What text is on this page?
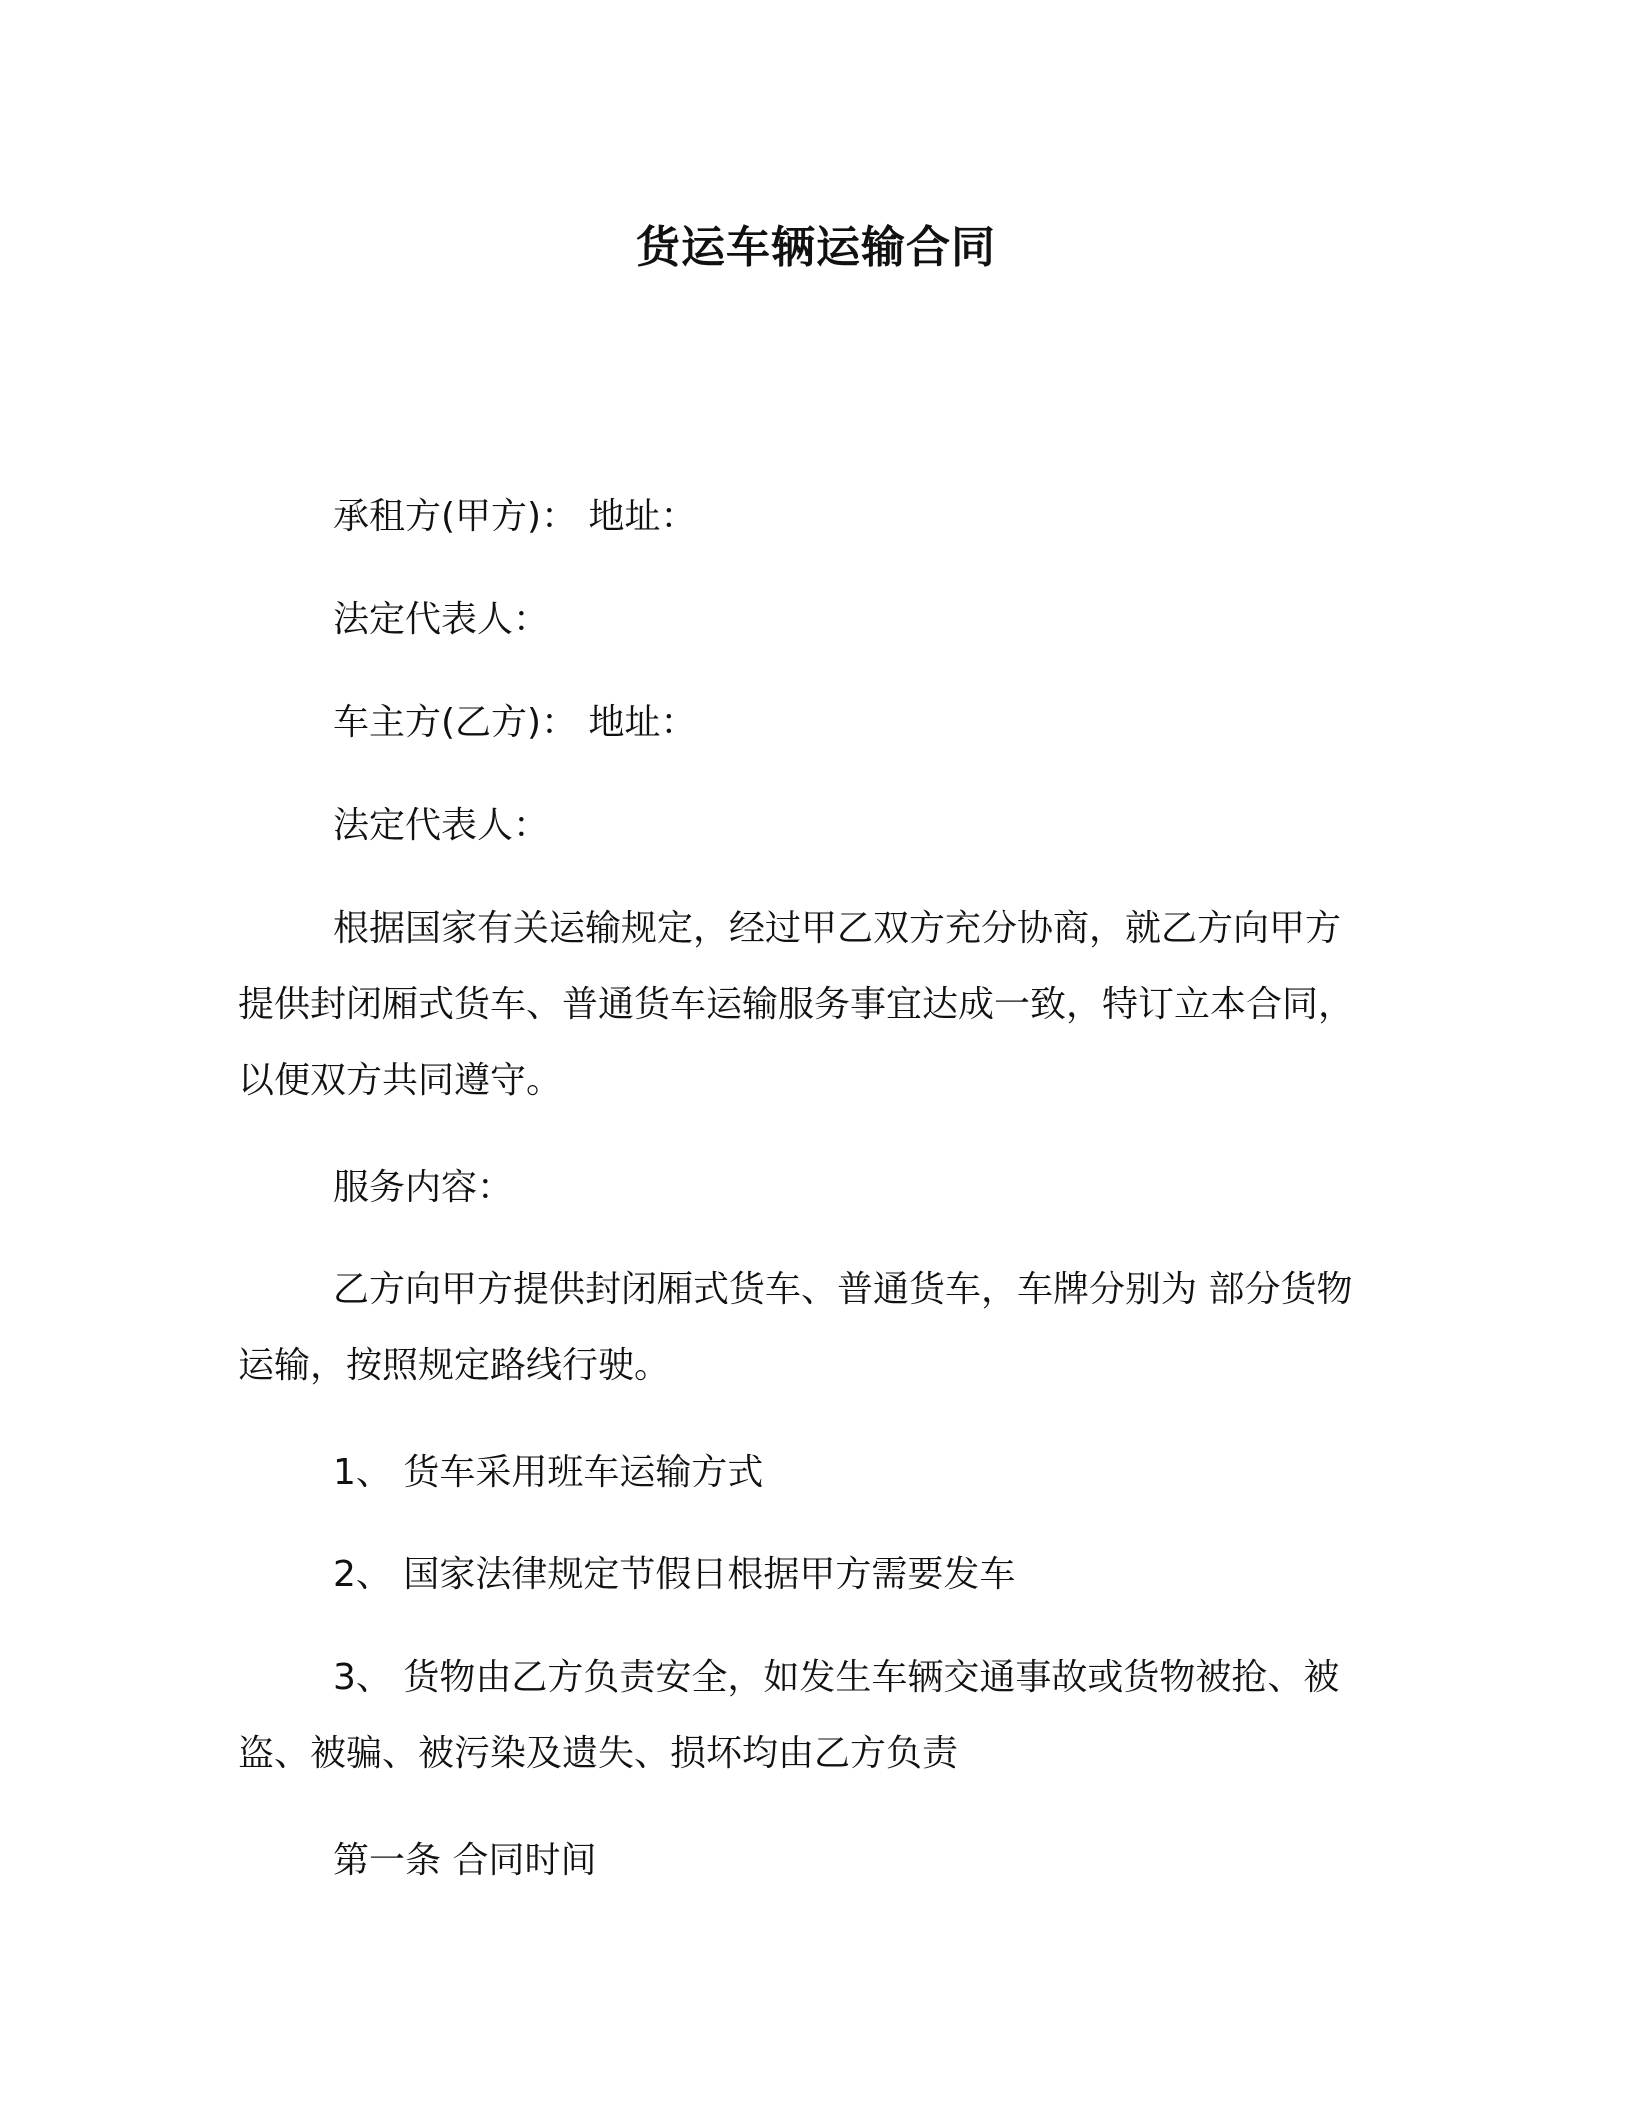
货运车辆运输合同

承租方(甲方)： 地址：

法定代表人：

车主方(乙方)： 地址：

法定代表人：

根据国家有关运输规定，经过甲乙双方充分协商，就乙方向甲方

提供封闭厢式货车、普通货车运输服务事宜达成一致，特订立本合同，

以便双方共同遵守。

服务内容：

乙方向甲方提供封闭厢式货车、普通货车，车牌分别为 部分货物

运输，按照规定路线行驶。

1、 货车采用班车运输方式

2、 国家法律规定节假日根据甲方需要发车

3、 货物由乙方负责安全，如发生车辆交通事故或货物被抢、被

盗、被骗、被污染及遗失、损坏均由乙方负责

第一条 合同时间
